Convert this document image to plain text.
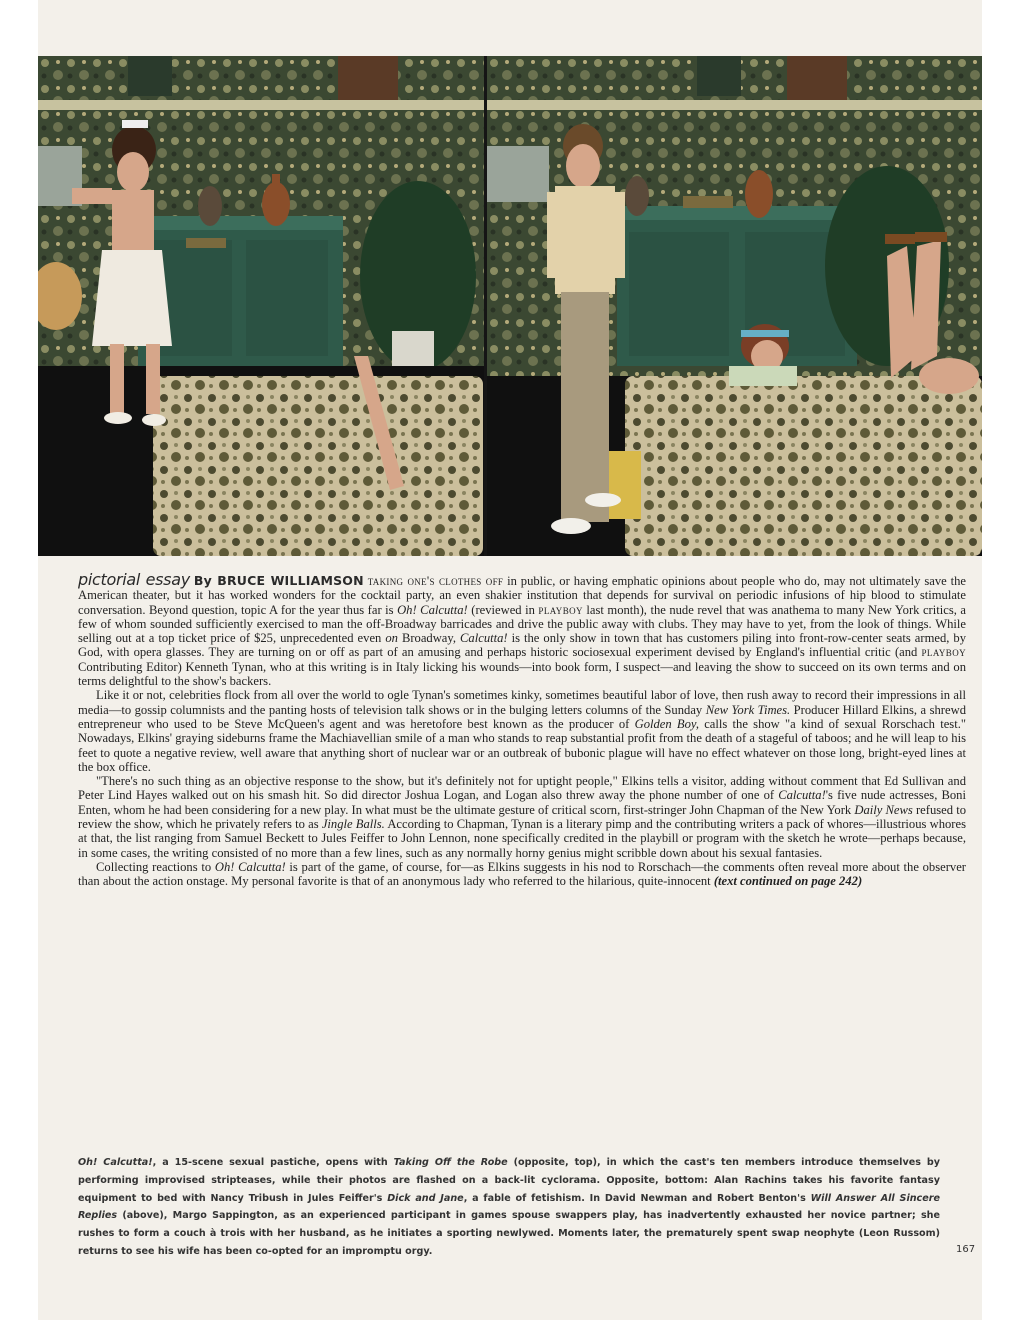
pictorial essay By BRUCE WILLIAMSON taking one's clothes off in public, or having emphatic opinions about people who do, may not ultimately save the American theater, but it has worked wonders for the cocktail party, an even shakier institution that depends for survival on periodic infusions of hip blood to stimulate conversation. Beyond question, topic A for the year thus far is Oh! Calcutta! (reviewed in playboy last month), the nude revel that was anathema to many New York critics, a few of whom sounded sufficiently exercised to man the off-Broadway barricades and drive the public away with clubs. They may have to yet, from the look of things. While selling out at a top ticket price of $25, unprecedented even on Broadway, Calcutta! is the only show in town that has customers piling into front-row-center seats armed, by God, with opera glasses. They are turning on or off as part of an amusing and perhaps historic sociosexual experiment devised by England's influential critic (and playboy Contributing Editor) Kenneth Tynan, who at this writing is in Italy licking his wounds—into book form, I suspect—and leaving the show to succeed on its own terms and on terms delightful to the show's backers.

Like it or not, celebrities flock from all over the world to ogle Tynan's sometimes kinky, sometimes beautiful labor of love, then rush away to record their impressions in all media—to gossip columnists and the panting hosts of television talk shows or in the bulging letters columns of the Sunday New York Times. Producer Hillard Elkins, a shrewd entrepreneur who used to be Steve McQueen's agent and was heretofore best known as the producer of Golden Boy, calls the show "a kind of sexual Rorschach test." Nowadays, Elkins' graying sideburns frame the Machiavellian smile of a man who stands to reap substantial profit from the death of a stageful of taboos; and he will leap to his feet to quote a negative review, well aware that anything short of nuclear war or an outbreak of bubonic plague will have no effect whatever on those long, bright-eyed lines at the box office.

"There's no such thing as an objective response to the show, but it's definitely not for uptight people," Elkins tells a visitor, adding without comment that Ed Sullivan and Peter Lind Hayes walked out on his smash hit. So did director Joshua Logan, and Logan also threw away the phone number of one of Calcutta!'s five nude actresses, Boni Enten, whom he had been considering for a new play. In what must be the ultimate gesture of critical scorn, first-stringer John Chapman of the New York Daily News refused to review the show, which he privately refers to as Jingle Balls. According to Chapman, Tynan is a literary pimp and the contributing writers a pack of whores—illustrious whores at that, the list ranging from Samuel Beckett to Jules Feiffer to John Lennon, none specifically credited in the playbill or program with the sketch he wrote—perhaps because, in some cases, the writing consisted of no more than a few lines, such as any normally horny genius might scribble down about his sexual fantasies.

Collecting reactions to Oh! Calcutta! is part of the game, of course, for—as Elkins suggests in his nod to Rorschach—the comments often reveal more about the observer than about the action onstage. My personal favorite is that of an anonymous lady who referred to the hilarious, quite-innocent (text continued on page 242)

Oh! Calcutta!, a 15-scene sexual pastiche, opens with Taking Off the Robe (opposite, top), in which the cast's ten members introduce themselves by performing improvised stripteases, while their photos are flashed on a back-lit cyclorama. Opposite, bottom: Alan Rachins takes his favorite fantasy equipment to bed with Nancy Tribush in Jules Feiffer's Dick and Jane, a fable of fetishism. In David Newman and Robert Benton's Will Answer All Sincere Replies (above), Margo Sappington, as an experienced participant in games spouse swappers play, has inadvertently exhausted her novice partner; she rushes to form a couch à trois with her husband, as he initiates a sporting newlywed. Moments later, the prematurely spent swap neophyte (Leon Russom) returns to see his wife has been co-opted for an impromptu orgy.	167
